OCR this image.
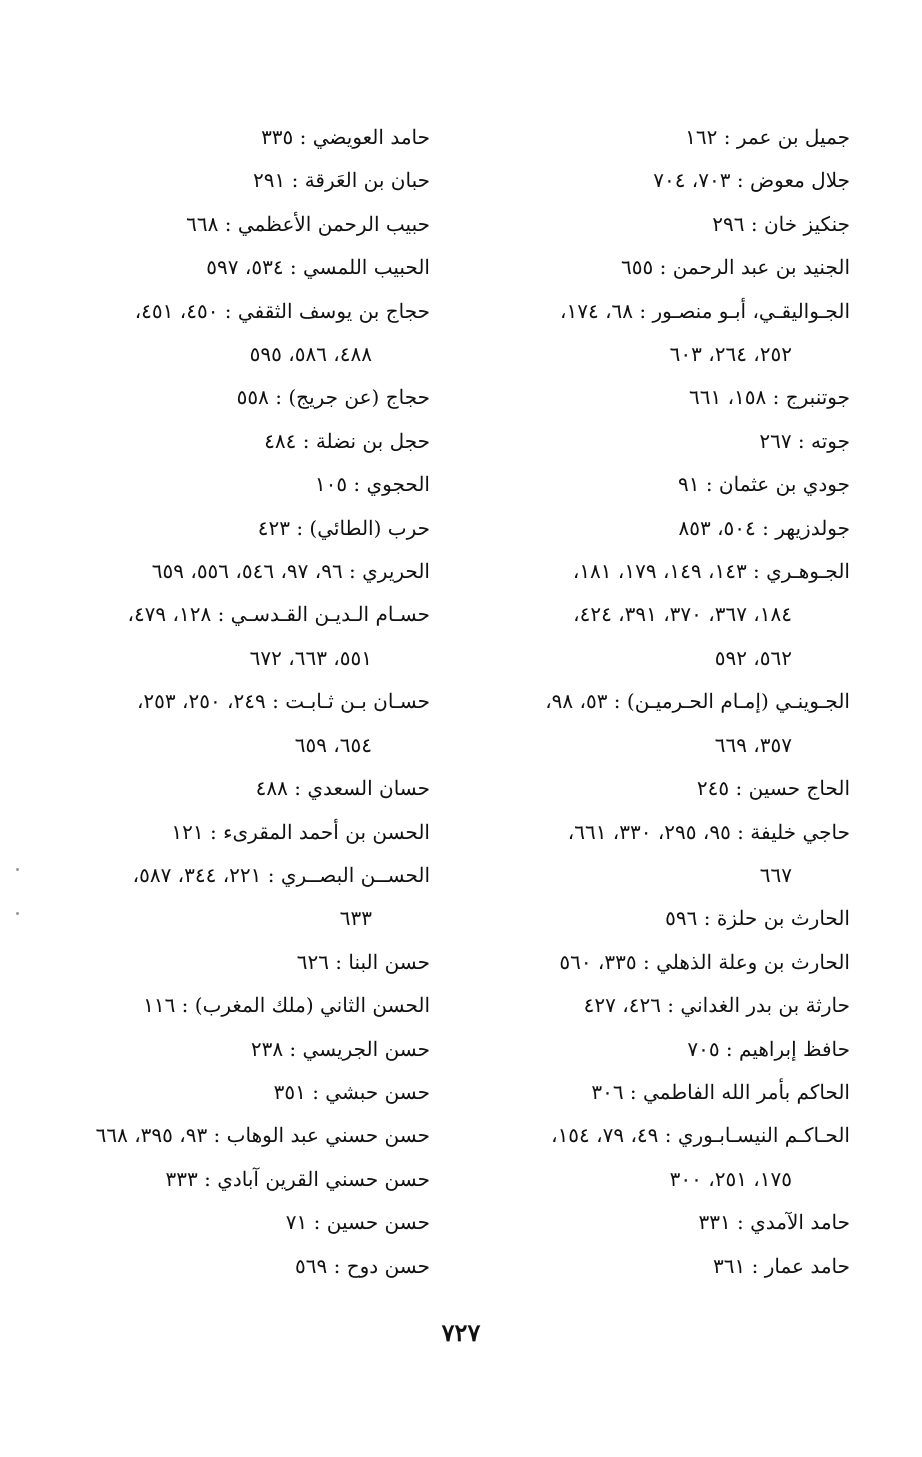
جميل بن عمر : ١٦٢
جلال معوض : ٧٠٣، ٧٠٤
جنكيز خان : ٢٩٦
الجنيد بن عبد الرحمن : ٦٥٥
الجـواليقـي، أبـو منصـور : ٦٨، ١٧٤،
٢٥٢، ٢٦٤، ٦٠٣
جوتنبرج : ١٥٨، ٦٦١
جوته : ٢٦٧
جودي بن عثمان : ٩١
جولدزيهر : ٥٠٤، ٨٥٣
الجـوهـري : ١٤٣، ١٤٩، ١٧٩، ١٨١،
١٨٤، ٣٦٧، ٣٧٠، ٣٩١، ٤٢٤،
٥٦٢، ٥٩٢
الجـوينـي (إمـام الحـرميـن) : ٥٣، ٩٨،
٣٥٧، ٦٦٩
الحاج حسين : ٢٤٥
حاجي خليفة : ٩٥، ٢٩٥، ٣٣٠، ٦٦١،
٦٦٧
الحارث بن حلزة : ٥٩٦
الحارث بن وعلة الذهلي : ٣٣٥، ٥٦٠
حارثة بن بدر الغداني : ٤٢٦، ٤٢٧
حافظ إبراهيم : ٧٠٥
الحاكم بأمر الله الفاطمي : ٣٠٦
الحـاكـم النيسـابـوري : ٤٩، ٧٩، ١٥٤،
١٧٥، ٢٥١، ٣٠٠
حامد الآمدي : ٣٣١
حامد عمار : ٣٦١
حامد العويضي : ٣٣٥
حبان بن العَرقة : ٢٩١
حبيب الرحمن الأعظمي : ٦٦٨
الحبيب اللمسي : ٥٣٤، ٥٩٧
حجاج بن يوسف الثقفي : ٤٥٠، ٤٥١،
٤٨٨، ٥٨٦، ٥٩٥
حجاج (عن جريج) : ٥٥٨
حجل بن نضلة : ٤٨٤
الحجوي : ١٠٥
حرب (الطائي) : ٤٢٣
الحريري : ٩٦، ٩٧، ٥٤٦، ٥٥٦، ٦٥٩
حسـام الـديـن القـدسـي : ١٢٨، ٤٧٩،
٥٥١، ٦٦٣، ٦٧٢
حسـان بـن ثـابـت : ٢٤٩، ٢٥٠، ٢٥٣،
٦٥٤، ٦٥٩
حسان السعدي : ٤٨٨
الحسن بن أحمد المقرىء : ١٢١
الحســن البصــري : ٢٢١، ٣٤٤، ٥٨٧،
٦٣٣
حسن البنا : ٦٢٦
الحسن الثاني (ملك المغرب) : ١١٦
حسن الجريسي : ٢٣٨
حسن حبشي : ٣٥١
حسن حسني عبد الوهاب : ٩٣، ٣٩٥، ٦٦٨
حسن حسني القرين آبادي : ٣٣٣
حسن حسين : ٧١
حسن دوح : ٥٦٩
٧٢٧
